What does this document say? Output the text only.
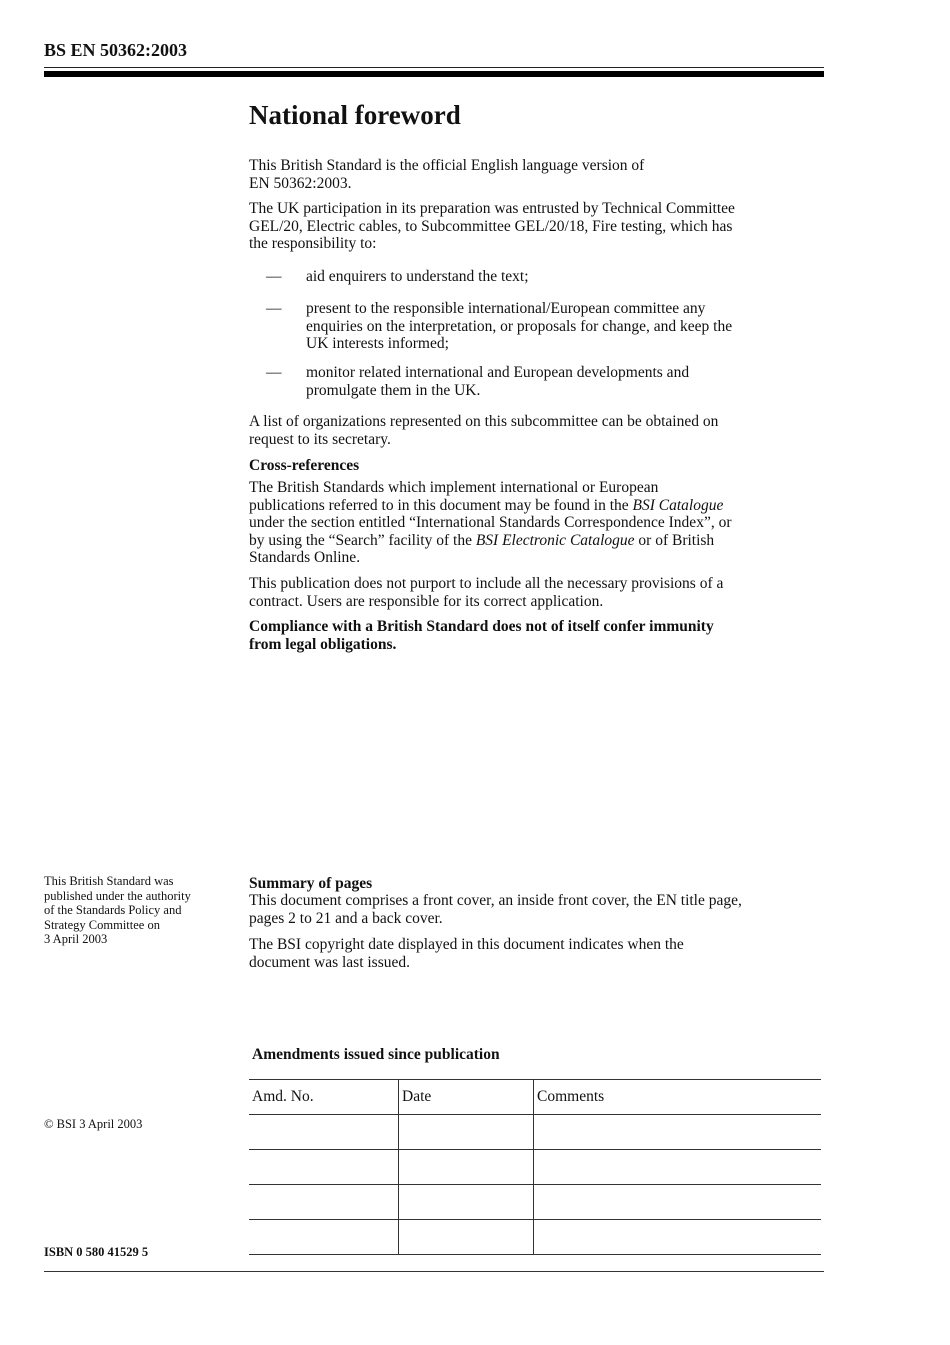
BS EN 50362:2003
National foreword
This British Standard is the official English language version of
EN 50362:2003.
The UK participation in its preparation was entrusted by Technical Committee
GEL/20, Electric cables, to Subcommittee GEL/20/18, Fire testing, which has
the responsibility to:
— aid enquirers to understand the text;
— present to the responsible international/European committee any
enquiries on the interpretation, or proposals for change, and keep the
UK interests informed;
— monitor related international and European developments and
promulgate them in the UK.
A list of organizations represented on this subcommittee can be obtained on
request to its secretary.
Cross-references
The British Standards which implement international or European
publications referred to in this document may be found in the BSI Catalogue
under the section entitled “International Standards Correspondence Index”, or
by using the “Search” facility of the BSI Electronic Catalogue or of British
Standards Online.
This publication does not purport to include all the necessary provisions of a
contract. Users are responsible for its correct application.
Compliance with a British Standard does not of itself confer immunity
from legal obligations.
This British Standard was
published under the authority
of the Standards Policy and
Strategy Committee on
3 April 2003
Summary of pages
This document comprises a front cover, an inside front cover, the EN title page,
pages 2 to 21 and a back cover.
The BSI copyright date displayed in this document indicates when the
document was last issued.
Amendments issued since publication
Amd. No.	Date	Comments

© BSI 3 April 2003
ISBN 0 580 41529 5
